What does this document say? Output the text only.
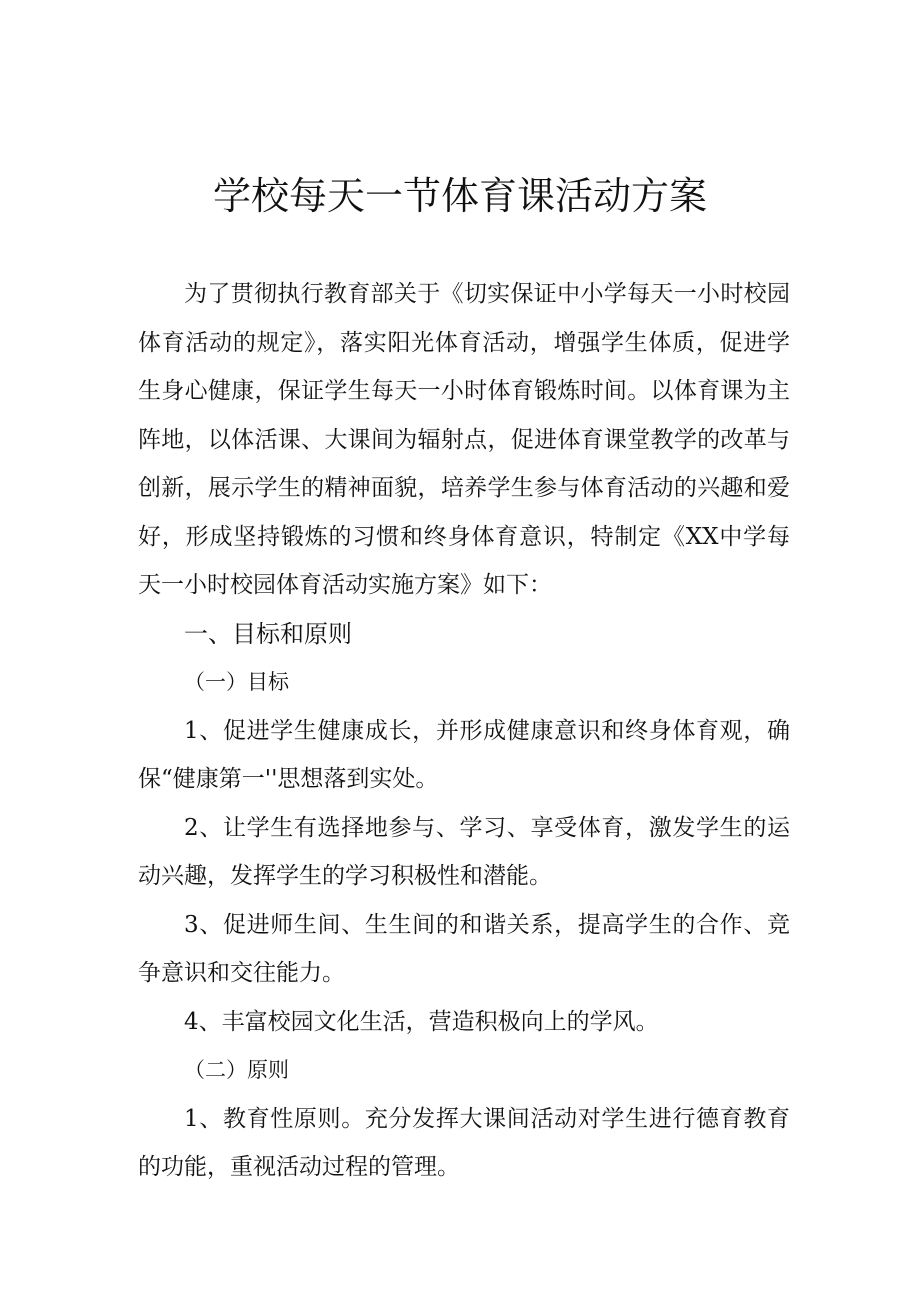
学校每天一节体育课活动方案

为了贯彻执行教育部关于《切实保证中小学每天一小时校园体育活动的规定》，落实阳光体育活动，增强学生体质，促进学生身心健康，保证学生每天一小时体育锻炼时间。以体育课为主阵地，以体活课、大课间为辐射点，促进体育课堂教学的改革与创新，展示学生的精神面貌，培养学生参与体育活动的兴趣和爱好，形成坚持锻炼的习惯和终身体育意识，特制定《XX中学每天一小时校园体育活动实施方案》如下：

一、目标和原则

（一）目标

1、促进学生健康成长，并形成健康意识和终身体育观，确保“健康第一''思想落到实处。

2、让学生有选择地参与、学习、享受体育，激发学生的运动兴趣，发挥学生的学习积极性和潜能。

3、促进师生间、生生间的和谐关系，提高学生的合作、竞争意识和交往能力。

4、丰富校园文化生活，营造积极向上的学风。

（二）原则

1、教育性原则。充分发挥大课间活动对学生进行德育教育的功能，重视活动过程的管理。
